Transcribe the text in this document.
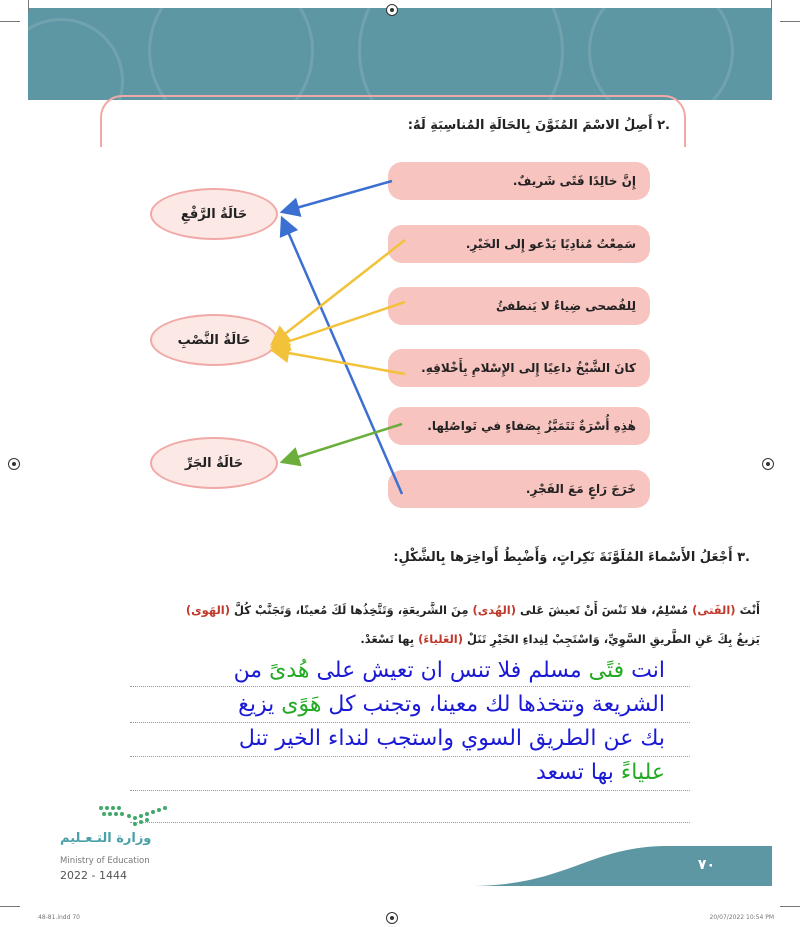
.٢ أَصِلُ الاسْمَ المُنَوَّنَ بِالحَالَةِ المُناسِبَةِ لَهُ:
إِنَّ خالِدًا فَتًى شَريفٌ.
سَمِعْتُ مُنادِيًا يَدْعو إِلى الخَيْرِ.
لِلفُصحى ضِياءٌ لا يَنطفئُ
كانَ الشَّيْخُ داعِيًا إِلى الإِسْلامِ بِأَخْلاقِهِ.
هٰذِهِ أُسْرَةٌ تَتَمَيَّزُ بِصَفاءٍ في تَواصُلِها.
خَرَجَ رَاعٍ مَعَ الفَجْرِ.
حَالَةُ الرَّفْعِ
حَالَةُ النَّصْبِ
حَالَةُ الجَرِّ
.٣ أَجْعَلُ الأَسْماءَ المُلَوَّنَةَ نَكِراتٍ، وَأَضْبِطُ أَواخِرَها بِالشَّكْلِ:
أَنْتَ (الفَتى) مُسْلِمٌ، فلا تَنْسَ أَنْ تَعيشَ عَلى (الهُدى) مِنَ الشَّريعَةِ، وَتَتَّخِذُها لَكَ مُعينًا، وَتَجَنَّبْ كُلَّ (الهَوى)
يَزيغُ بِكَ عَنِ الطَّريقِ السَّوِيِّ، وَاسْتَجِبْ لِنِداءِ الخَيْرِ تَنَلْ (العَلياءَ) بِها تَسْعَدْ.
انت فتًى مسلم فلا تنس ان تعيش على هُدىً من
الشريعة وتتخذها لك معينا، وتجنب كل هَوًى يزيغ
بك عن الطريق السوي واستجب لنداء الخير تنل
علياءً بها تسعد
وزارة التـعـليم
Ministry of Education
2022 - 1444
٧٠
48-81.indd 70	20/07/2022 10:54 PM
